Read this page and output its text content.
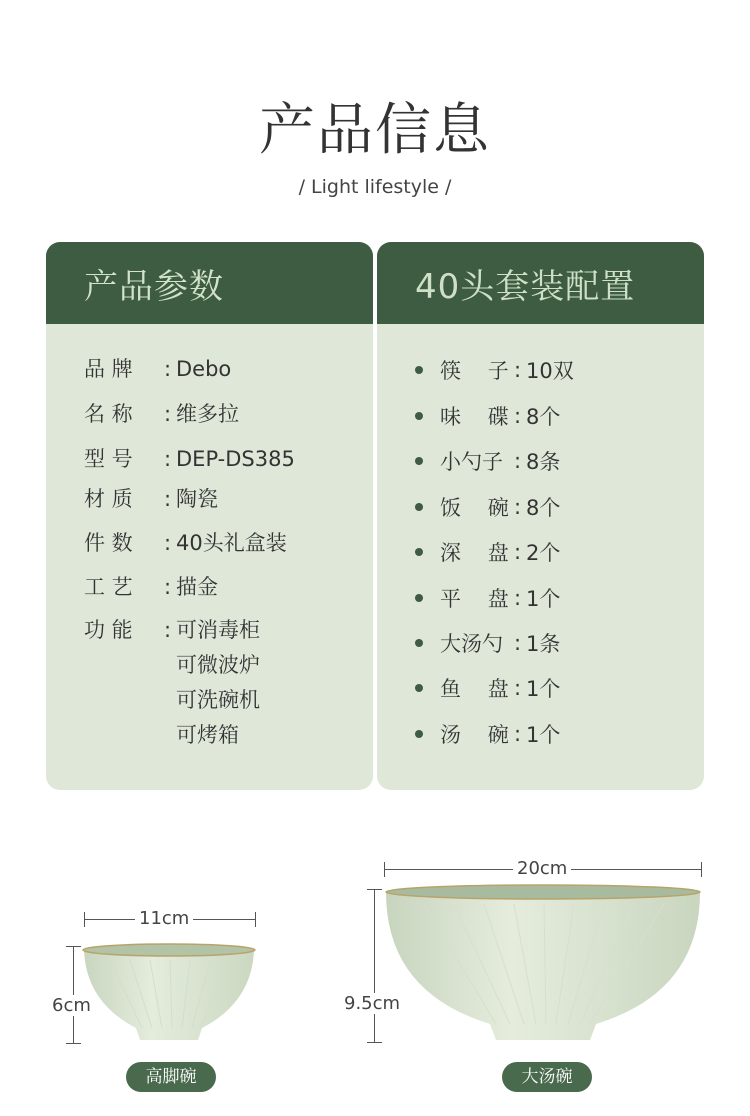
产品信息
/ Light lifestyle /
产品参数
品 牌	: Debo
名 称	: 维多拉
型 号	: DEP-DS385
材 质	: 陶瓷
件 数	: 40头礼盒装
工 艺	: 描金
功 能	: 可消毒柜
可微波炉
可洗碗机
可烤箱
40头套装配置
筷    子 : 10双
味    碟 : 8个
小勺子 : 8条
饭    碗 : 8个
深    盘 : 2个
平    盘 : 1个
大汤勺 : 1条
鱼    盘 : 1个
汤    碗 : 1个
11cm
6cm
高脚碗
20cm
9.5cm
大汤碗
